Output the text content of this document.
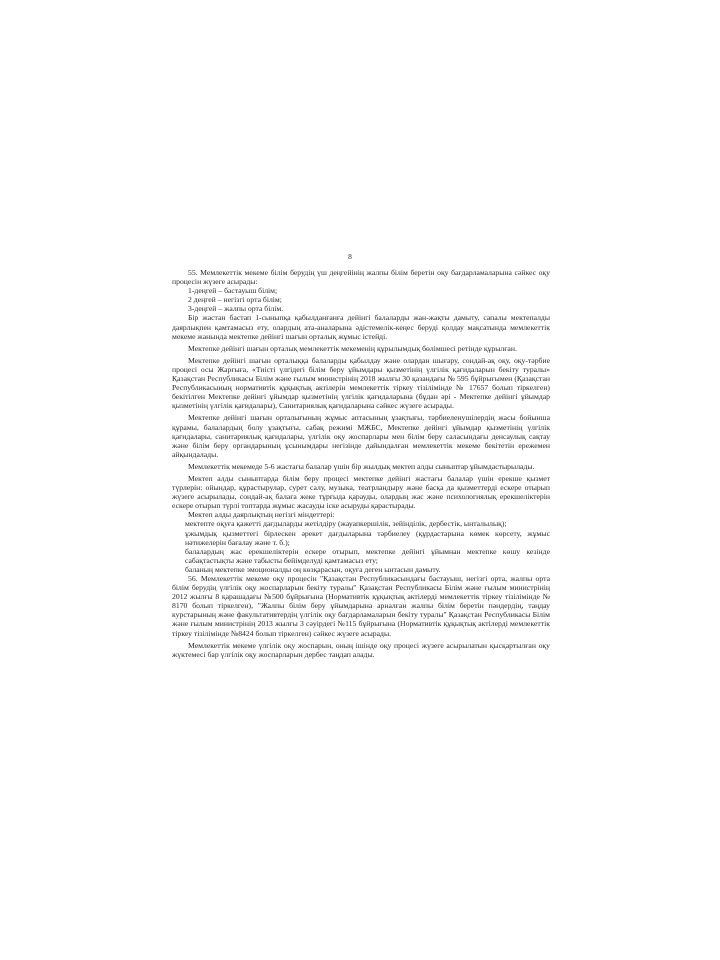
8

55. Мемлекеттік мекеме білім берудің үш деңгейінің жалпы білім беретін оқу бағдарламаларына сәйкес оқу процесін жүзеге асырады:

1-деңгей – бастауыш білім;

2 деңгей – негізгі орта білім;

3-деңгей – жалпы орта білім.

Бір жастан бастап 1-сыныпқа қабылданғанға дейінгі балаларды жан-жақты дамыту, сапалы мектепалды даярлықпен қамтамасыз ету, олардың ата-аналарына әдістемелік-кеңес беруді қолдау мақсатында мемлекеттік мекеме жанында мектепке дейінгі шағын орталық жұмыс істейді.

Мектепке дейінгі шағын орталық мемлекеттік мекеменің құрылымдық бөлімшесі ретінде құрылған.

Мектепке дейінгі шағын орталыққа балаларды қабылдау және олардан шығару, сондай-ақ оқу, оқу-тәрбие процесі осы Жарғыға, «Тиісті үлгідегі білім беру ұйымдары қызметінің үлгілік қағидаларын бекіту туралы» Қазақстан Республикасы Білім және ғылым министрінің 2018 жылғы 30 қазандағы № 595 бұйрығымен (Қазақстан Республикасының нормативтік құқықтық актілерін мемлекеттік тіркеу тізілімінде № 17657 болып тіркелген) бекітілген Мектепке дейінгі ұйымдар қызметінің үлгілік қағидаларына (бұдан әрі - Мектепке дейінгі ұйымдар қызметінің үлгілік қағидалары), Санитариялық қағидаларына сәйкес жүзеге асырады.

Мектепке дейінгі шағын орталығының жұмыс аптасының ұзақтығы, тәрбиеленушілердің жасы бойынша құрамы, балалардың болу ұзақтығы, сабақ режимі МЖБС, Мектепке дейінгі ұйымдар қызметінің үлгілік қағидалары, санитариялық қағидалары, үлгілік оқу жоспарлары мен білім беру саласындағы денсаулық сақтау және білім беру органдарының ұсынымдары негізінде дайындалған мемлекеттік мекеме бекітетін ережемен айқындалады.

Мемлекеттік мекемеде 5-6 жастағы балалар үшін бір жылдық мектеп алды сыныптар ұйымдастырылады.

Мектеп алды сыныптарда білім беру процесі мектепке дейінгі жастағы балалар үшін ерекше қызмет түрлерін: ойындар, құрастырулар, сурет салу, музыка, театрландыру және басқа да қызметтерді ескере отырып жүзеге асырылады, сондай-ақ балаға жеке тұрғыда қарауды, олардың жас және психологиялық ерекшеліктерін ескере отырып түрлі топтарда жұмыс жасауды іске асыруды қарастырады.

Мектеп алды даярлықтың негізгі міндеттері:

мектепте оқуға қажетті дағдыларды жетілдіру (жауапкершілік, зейінділік, дербестік, ынталылық);

ұжымдық қызметтегі бірлескен әрекет дағдыларына тәрбиелеу (құрдастарына көмек көрсету, жұмыс нәтижелерін бағалау және т. б.);

балалардың жас ерекшеліктерін ескере отырып, мектепке дейінгі ұйымнан мектепке көшу кезінде сабақтастықты және табысты бейімделуді қамтамасыз ету;

баланың мектепке эмоционалды оң көзқарасын, оқуға деген ынтасын дамыту.

56. Мемлекеттік мекеме оқу процесін "Қазақстан Республикасындағы бастауыш, негізгі орта, жалпы орта білім берудің үлгілік оқу жоспарларын бекіту туралы" Қазақстан Республикасы Білім және ғылым министрінің 2012 жылғы 8 қарашадағы №500 бұйрығына (Нормативтік құқықтық актілерді мемлекеттік тіркеу тізілімінде № 8170 болып тіркелген), "Жалпы білім беру ұйымдарына арналған жалпы білім беретін пәндердің, таңдау курстарының және факультативтердің үлгілік оқу бағдарламаларын бекіту туралы" Қазақстан Республикасы Білім және ғылым министрінің 2013 жылғы 3 сәуірдегі №115 бұйрығына (Нормативтік құқықтық актілерді мемлекеттік тіркеу тізілімінде №8424 болып тіркелген) сәйкес жүзеге асырады.

Мемлекеттік мекеме үлгілік оқу жоспарын, оның ішінде оқу процесі жүзеге асырылатын қысқартылған оқу жүктемесі бар үлгілік оқу жоспарларын дербес таңдап алады.
